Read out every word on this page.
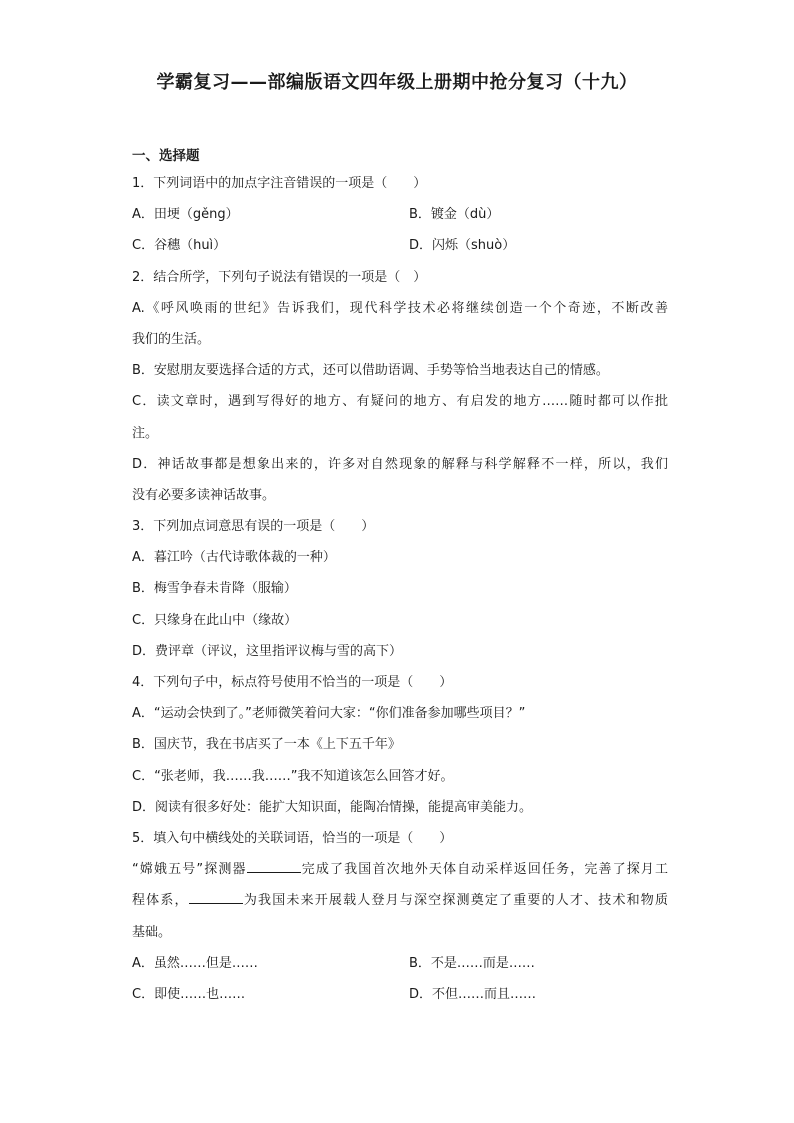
学霸复习——部编版语文四年级上册期中抢分复习（十九）
一、选择题
1．下列词语中的加点字注音错误的一项是（　　）
A．田埂（gěng）	B．镀金（dù）
C．谷穗（huì）	D．闪烁（shuò）
2．结合所学，下列句子说法有错误的一项是（　）
A.《呼风唤雨的世纪》告诉我们，现代科学技术必将继续创造一个个奇迹，不断改善
我们的生活。
B．安慰朋友要选择合适的方式，还可以借助语调、手势等恰当地表达自己的情感。
C．读文章时，遇到写得好的地方、有疑问的地方、有启发的地方……随时都可以作批
注。
D．神话故事都是想象出来的，许多对自然现象的解释与科学解释不一样，所以，我们
没有必要多读神话故事。
3．下列加点词意思有误的一项是（　　）
A．暮江吟（古代诗歌体裁的一种）
B．梅雪争春未肯降（服输）
C．只缘身在此山中（缘故）
D．费评章（评议，这里指评议梅与雪的高下）
4．下列句子中，标点符号使用不恰当的一项是（　　）
A．“运动会快到了。”老师微笑着问大家：“你们准备参加哪些项目？”
B．国庆节，我在书店买了一本《上下五千年》
C．“张老师，我……我……”我不知道该怎么回答才好。
D．阅读有很多好处：能扩大知识面，能陶冶情操，能提高审美能力。
5．填入句中横线处的关联词语，恰当的一项是（　　）
“嫦娥五号”探测器	完成了我国首次地外天体自动采样返回任务，完善了探月工
程体系，	为我国未来开展载人登月与深空探测奠定了重要的人才、技术和物质
基础。
A．虽然……但是……	B．不是……而是……
C．即使……也……	D．不但……而且……
